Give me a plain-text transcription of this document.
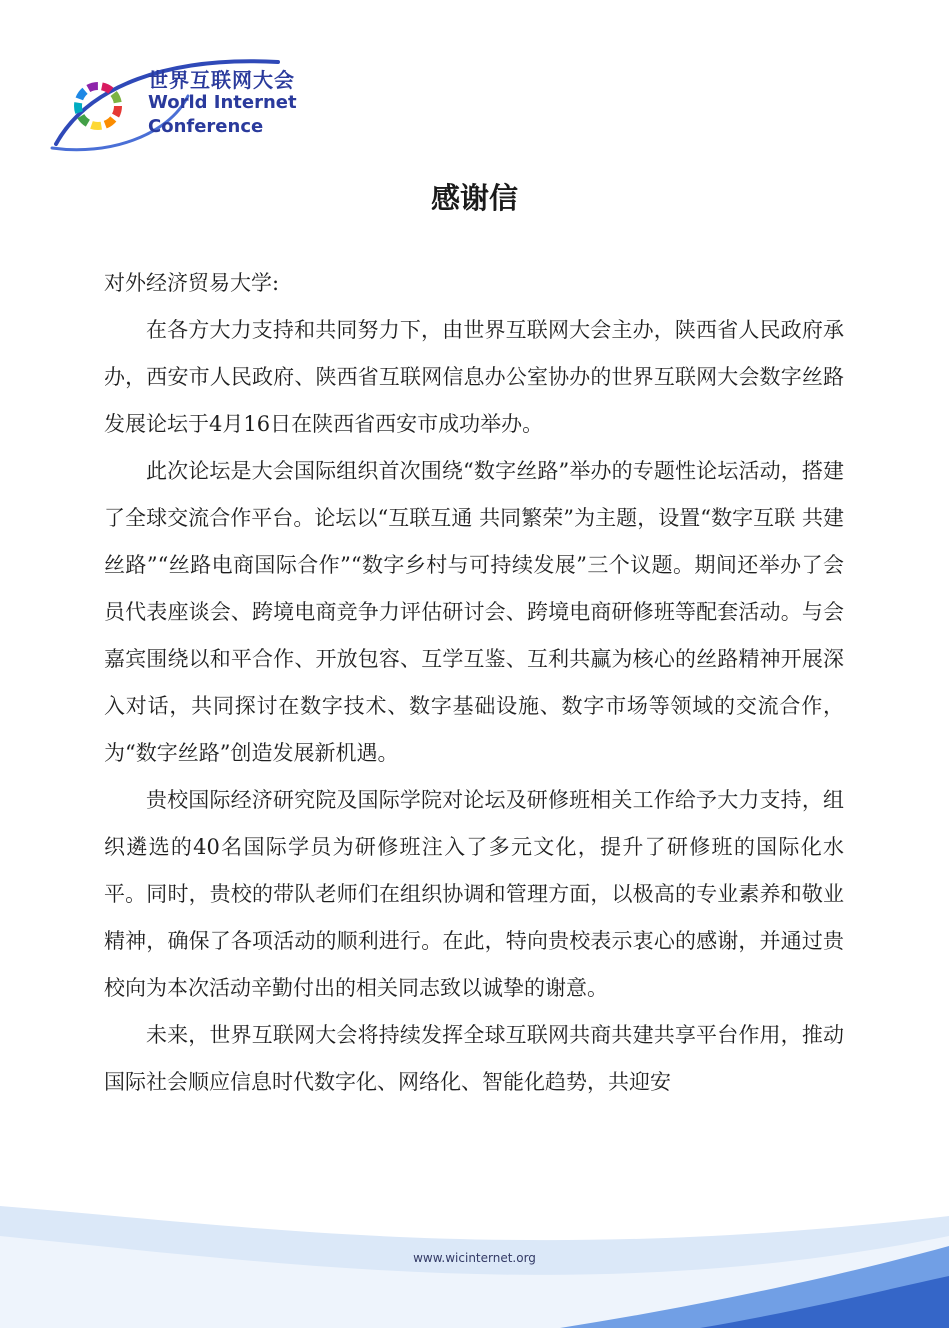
世界互联网大会
World Internet
Conference
感谢信

对外经济贸易大学:

在各方大力支持和共同努力下，由世界互联网大会主办，陕西省人民政府承办，西安市人民政府、陕西省互联网信息办公室协办的世界互联网大会数字丝路发展论坛于4月16日在陕西省西安市成功举办。

此次论坛是大会国际组织首次围绕“数字丝路”举办的专题性论坛活动，搭建了全球交流合作平台。论坛以“互联互通 共同繁荣”为主题，设置“数字互联 共建丝路”“丝路电商国际合作”“数字乡村与可持续发展”三个议题。期间还举办了会员代表座谈会、跨境电商竞争力评估研讨会、跨境电商研修班等配套活动。与会嘉宾围绕以和平合作、开放包容、互学互鉴、互利共赢为核心的丝路精神开展深入对话，共同探讨在数字技术、数字基础设施、数字市场等领域的交流合作，为“数字丝路”创造发展新机遇。

贵校国际经济研究院及国际学院对论坛及研修班相关工作给予大力支持，组织遴选的40名国际学员为研修班注入了多元文化，提升了研修班的国际化水平。同时，贵校的带队老师们在组织协调和管理方面，以极高的专业素养和敬业精神，确保了各项活动的顺利进行。在此，特向贵校表示衷心的感谢，并通过贵校向为本次活动辛勤付出的相关同志致以诚挚的谢意。

未来，世界互联网大会将持续发挥全球互联网共商共建共享平台作用，推动国际社会顺应信息时代数字化、网络化、智能化趋势，共迎安

www.wicinternet.org
